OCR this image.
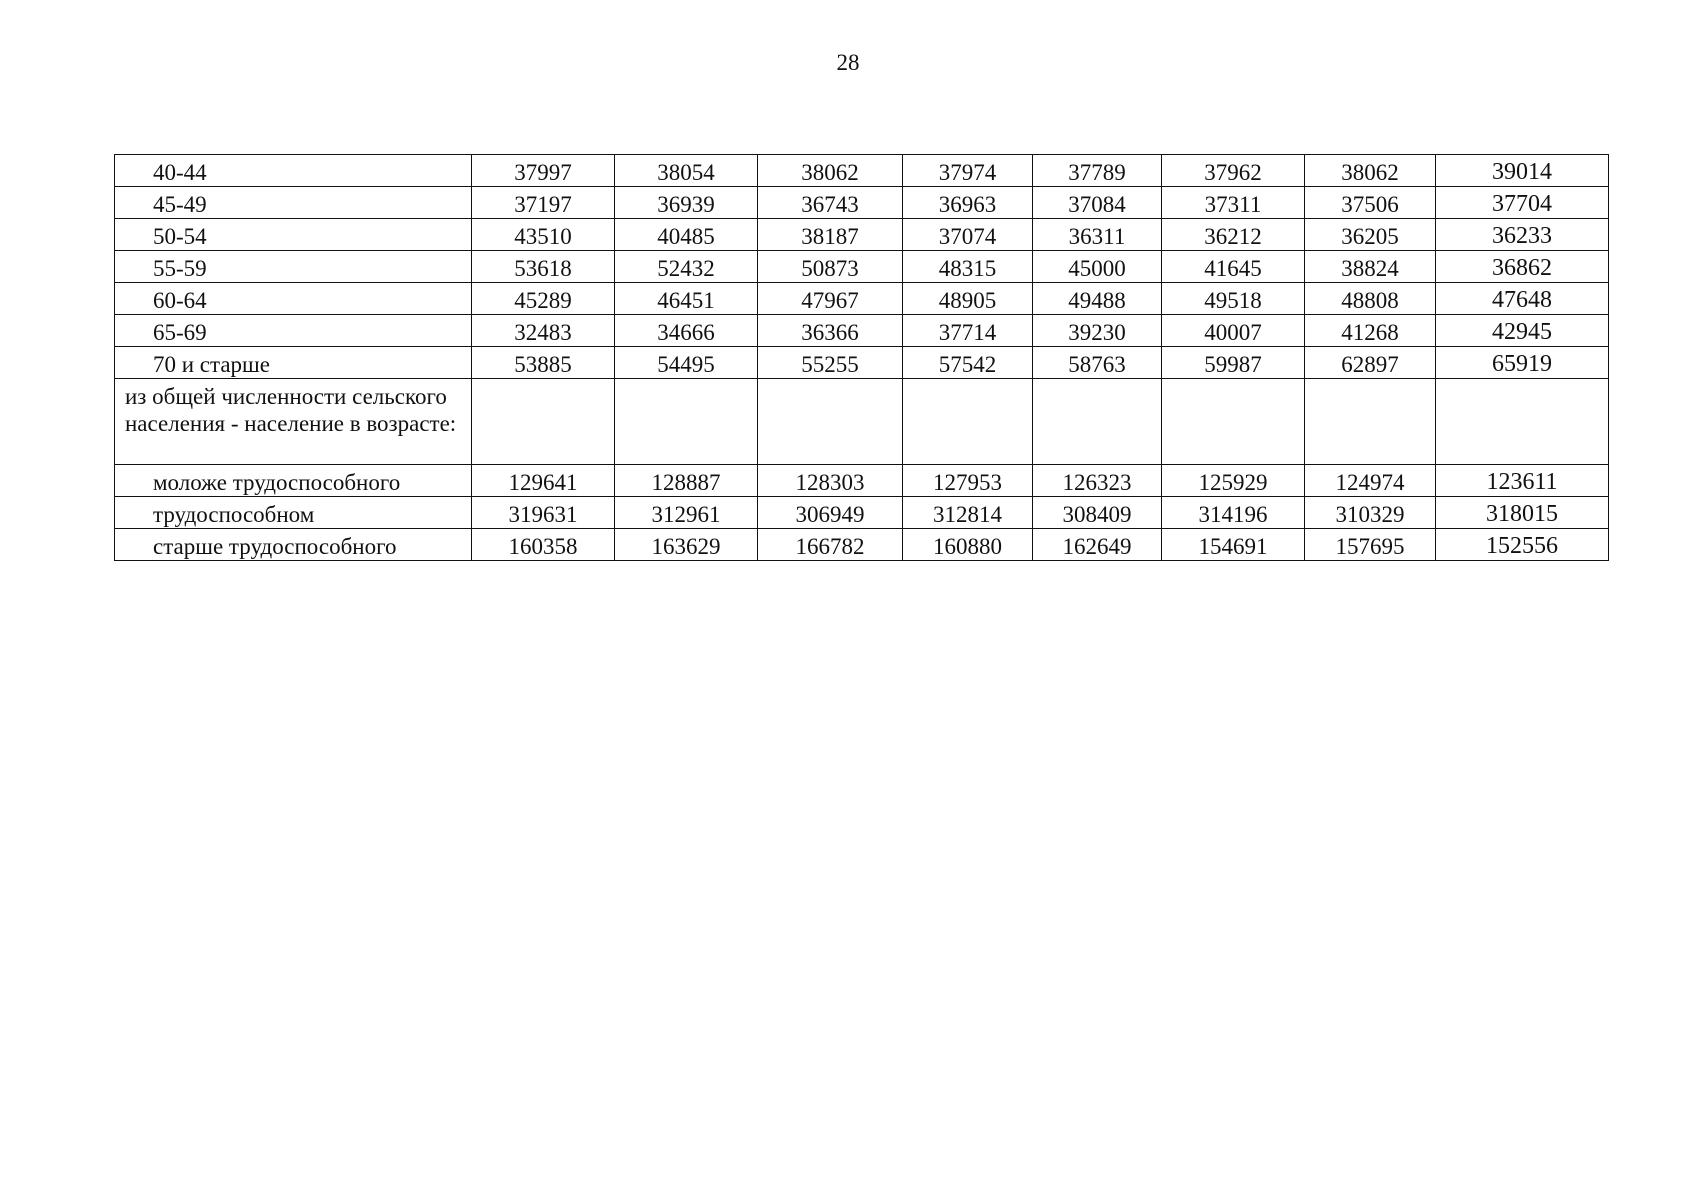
28
40-44	37997	38054	38062	37974	37789	37962	38062	39014
45-49	37197	36939	36743	36963	37084	37311	37506	37704
50-54	43510	40485	38187	37074	36311	36212	36205	36233
55-59	53618	52432	50873	48315	45000	41645	38824	36862
60-64	45289	46451	47967	48905	49488	49518	48808	47648
65-69	32483	34666	36366	37714	39230	40007	41268	42945
70 и старше	53885	54495	55255	57542	58763	59987	62897	65919
из общей численности сельского населения - население в возрасте:								
моложе трудоспособного	129641	128887	128303	127953	126323	125929	124974	123611
трудоспособном	319631	312961	306949	312814	308409	314196	310329	318015
старше трудоспособного	160358	163629	166782	160880	162649	154691	157695	152556
